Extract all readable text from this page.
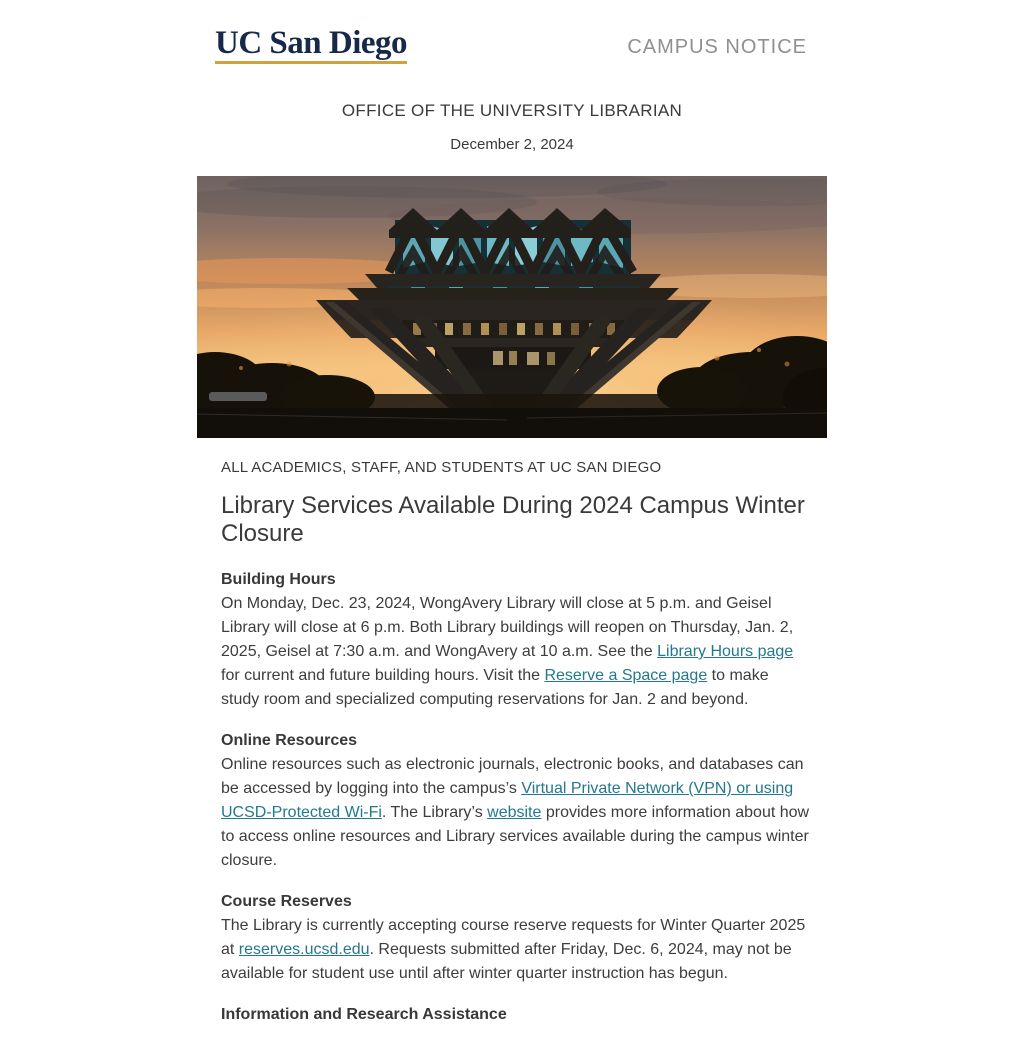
UC San Diego	CAMPUS NOTICE
OFFICE OF THE UNIVERSITY LIBRARIAN
December 2, 2024
ALL ACADEMICS, STAFF, AND STUDENTS AT UC SAN DIEGO
Library Services Available During 2024 Campus Winter Closure
Building Hours

On Monday, Dec. 23, 2024, WongAvery Library will close at 5 p.m. and Geisel Library will close at 6 p.m. Both Library buildings will reopen on Thursday, Jan. 2, 2025, Geisel at 7:30 a.m. and WongAvery at 10 a.m. See the Library Hours page for current and future building hours. Visit the Reserve a Space page to make study room and specialized computing reservations for Jan. 2 and beyond.

Online Resources

Online resources such as electronic journals, electronic books, and databases can be accessed by logging into the campus’s Virtual Private Network (VPN) or using UCSD-Protected Wi-Fi. The Library’s website provides more information about how to access online resources and Library services available during the campus winter closure.

Course Reserves

The Library is currently accepting course reserve requests for Winter Quarter 2025 at reserves.ucsd.edu. Requests submitted after Friday, Dec. 6, 2024, may not be available for student use until after winter quarter instruction has begun.

Information and Research Assistance
